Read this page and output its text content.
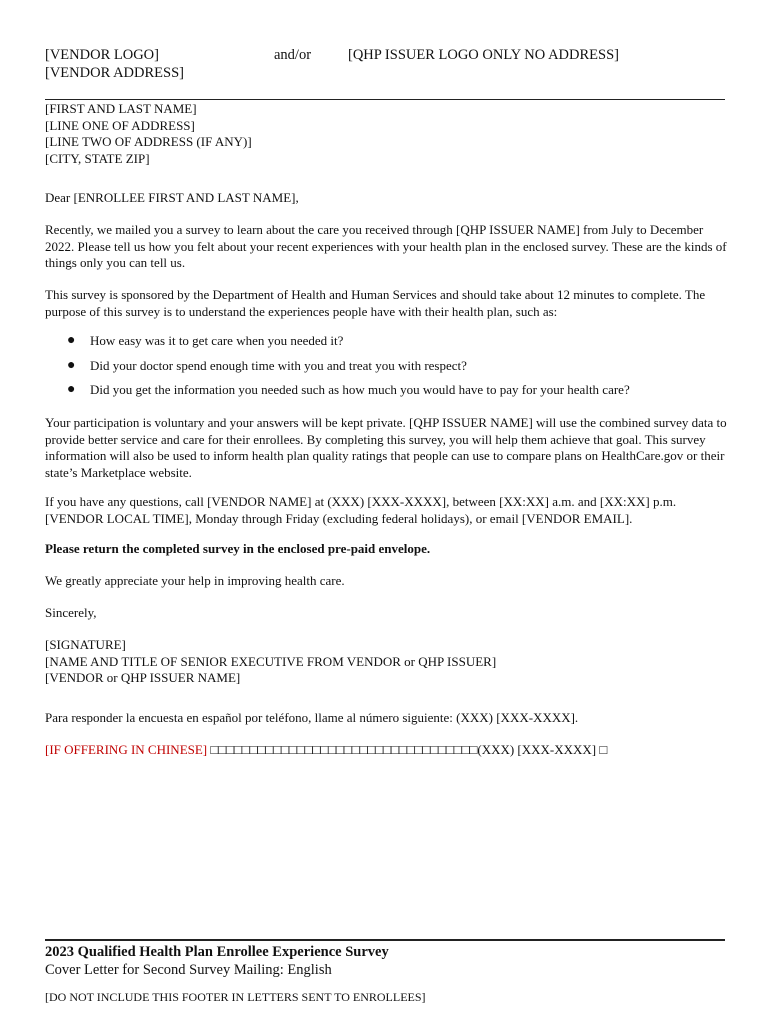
[VENDOR LOGO]
[VENDOR ADDRESS]
and/or	[QHP ISSUER LOGO ONLY NO ADDRESS]

[FIRST AND LAST NAME]

[LINE ONE OF ADDRESS]

[LINE TWO OF ADDRESS (IF ANY)]

[CITY, STATE ZIP]

Dear [ENROLLEE FIRST AND LAST NAME],
Recently, we mailed you a survey to learn about the care you received through [QHP ISSUER NAME] from July to December 2022. Please tell us how you felt about your recent experiences with your health plan in the enclosed survey. These are the kinds of things only you can tell us.
This survey is sponsored by the Department of Health and Human Services and should take about 12 minutes to complete. The purpose of this survey is to understand the experiences people have with their health plan, such as:
● How easy was it to get care when you needed it?
● Did your doctor spend enough time with you and treat you with respect?
● Did you get the information you needed such as how much you would have to pay for your health care?
Your participation is voluntary and your answers will be kept private. [QHP ISSUER NAME] will use the combined survey data to provide better service and care for their enrollees. By completing this survey, you will help them achieve that goal. This survey information will also be used to inform health plan quality ratings that people can use to compare plans on HealthCare.gov or their state’s Marketplace website.
If you have any questions, call [VENDOR NAME] at (XXX) [XXX-XXXX], between [XX:XX] a.m. and [XX:XX] p.m. [VENDOR LOCAL TIME], Monday through Friday (excluding federal holidays), or email [VENDOR EMAIL].
Please return the completed survey in the enclosed pre-paid envelope.
We greatly appreciate your help in improving health care.
Sincerely,

[SIGNATURE]

[NAME AND TITLE OF SENIOR EXECUTIVE FROM VENDOR or QHP ISSUER]

[VENDOR or QHP ISSUER NAME]

Para responder la encuesta en español por teléfono, llame al número siguiente: (XXX) [XXX-XXXX].
[IF OFFERING IN CHINESE] □□□□□□□□□□□□□□□□□□□□□□□□□□□□□□□□□□(XXX) [XXX-XXXX] □
2023 Qualified Health Plan Enrollee Experience Survey
Cover Letter for Second Survey Mailing: English
[DO NOT INCLUDE THIS FOOTER IN LETTERS SENT TO ENROLLEES]
